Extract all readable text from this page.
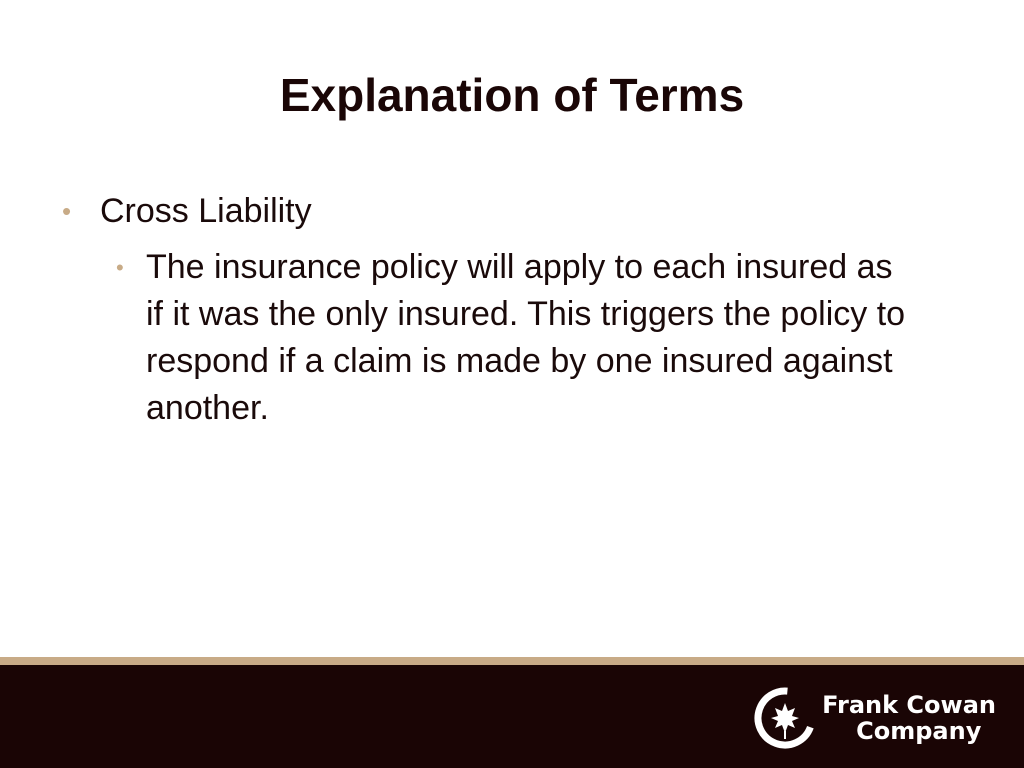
Explanation of Terms
• Cross Liability
• The insurance policy will apply to each insured as if it was the only insured. This triggers the policy to respond if a claim is made by one insured against another.
Frank Cowan
Company
